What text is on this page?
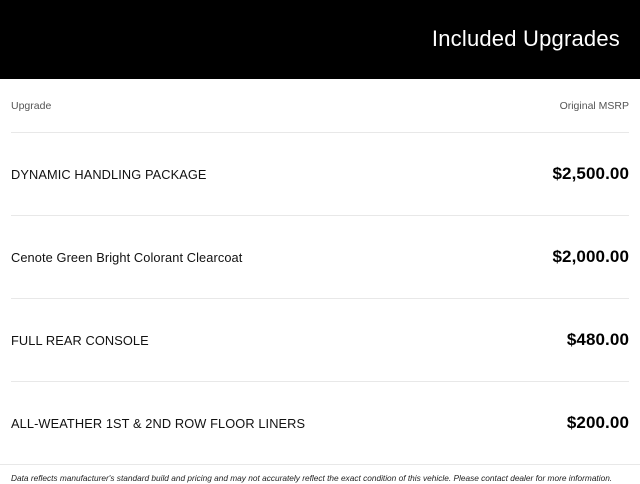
Included Upgrades
Upgrade	Original MSRP
DYNAMIC HANDLING PACKAGE	$2,500.00
Cenote Green Bright Colorant Clearcoat	$2,000.00
FULL REAR CONSOLE	$480.00
ALL-WEATHER 1ST & 2ND ROW FLOOR LINERS	$200.00
Data reflects manufacturer's standard build and pricing and may not accurately reflect the exact condition of this vehicle. Please contact dealer for more information.
